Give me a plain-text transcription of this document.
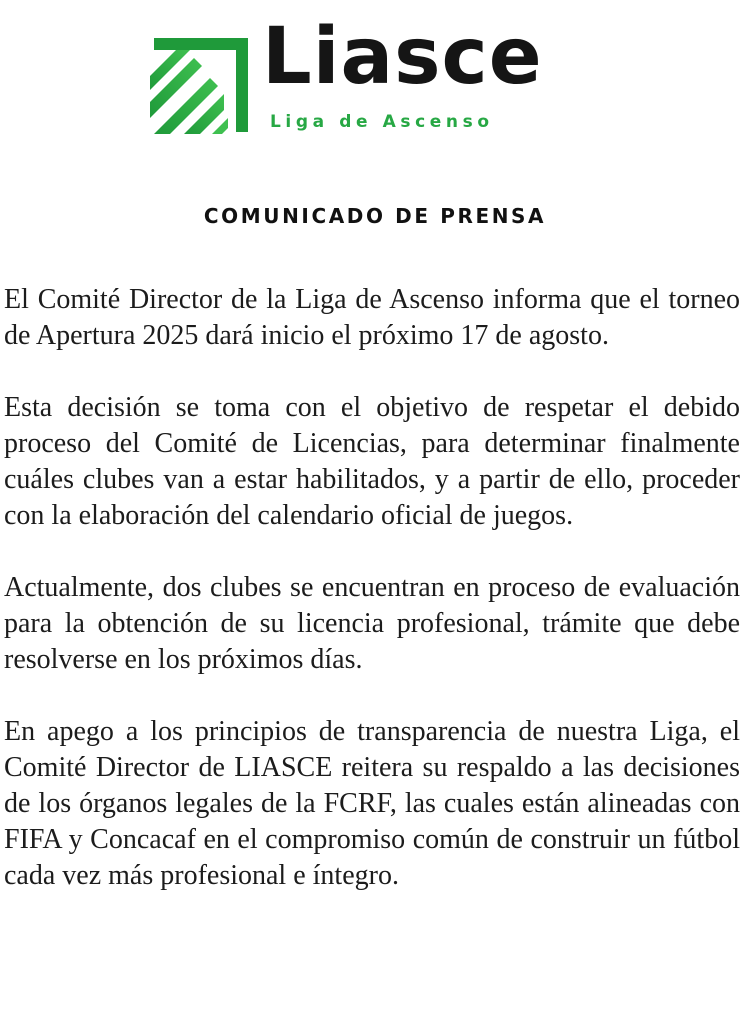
Liasce
Liga de Ascenso
COMUNICADO DE PRENSA

El Comité Director de la Liga de Ascenso informa que el torneo de Apertura 2025 dará inicio el próximo 17 de agosto.

Esta decisión se toma con el objetivo de respetar el debido proceso del Comité de Licencias, para determinar finalmente cuáles clubes van a estar habilitados, y a partir de ello, proceder con la elaboración del calendario oficial de juegos.

Actualmente, dos clubes se encuentran en proceso de evaluación para la obtención de su licencia profesional, trámite que debe resolverse en los próximos días.

En apego a los principios de transparencia de nuestra Liga, el Comité Director de LIASCE reitera su respaldo a las decisiones de los órganos legales de la FCRF, las cuales están alineadas con FIFA y Concacaf en el compromiso común de construir un fútbol cada vez más profesional e íntegro.
